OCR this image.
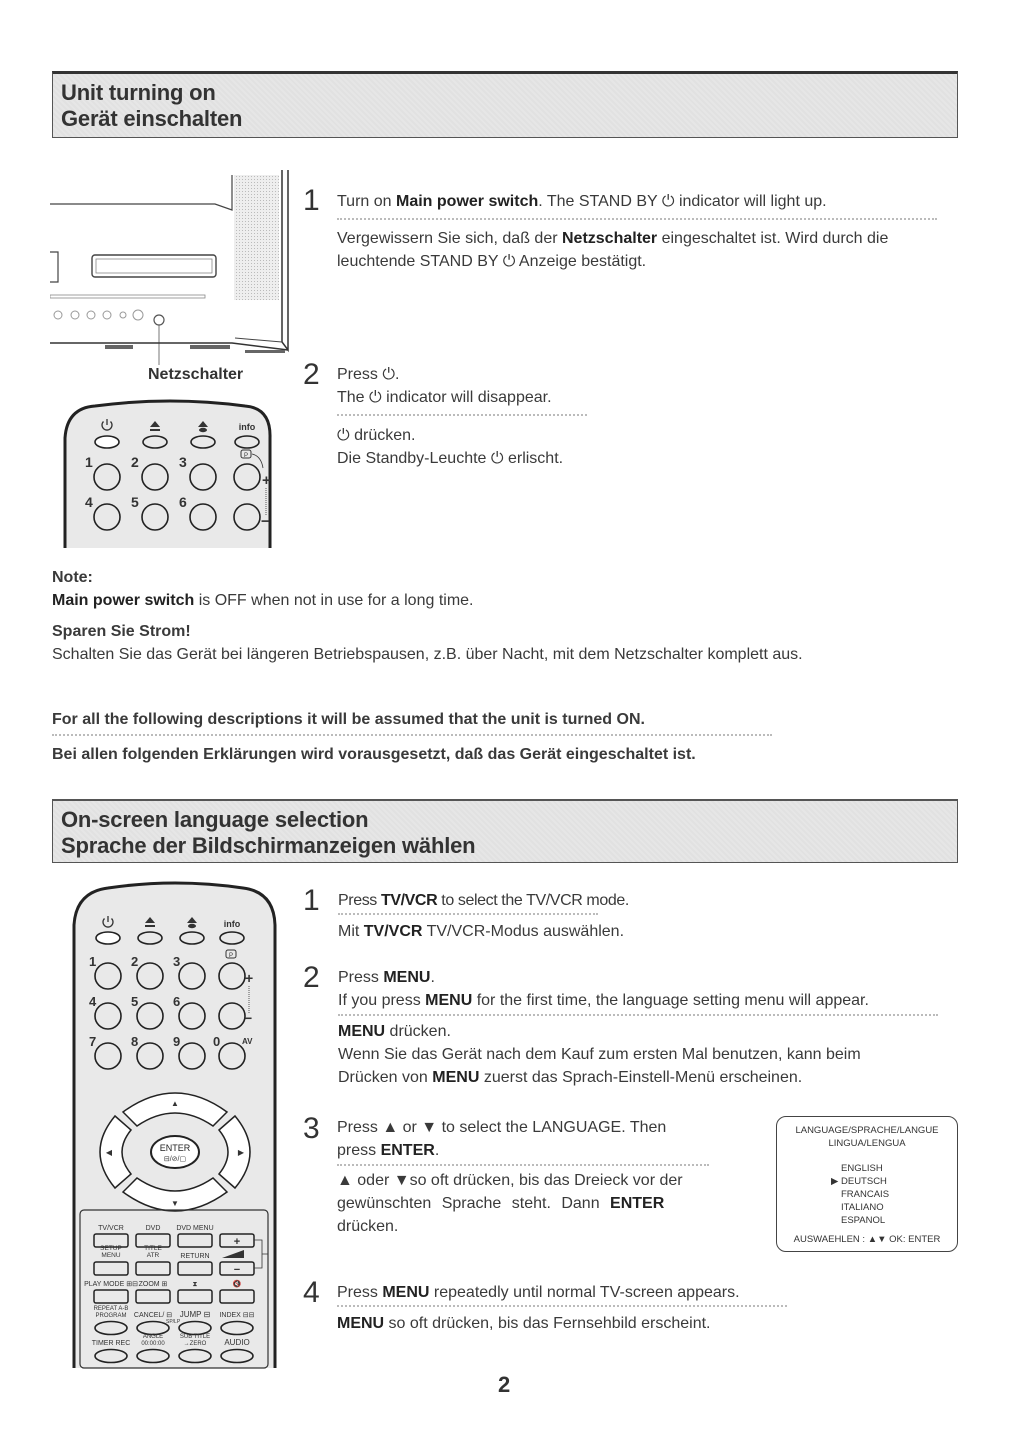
Unit turning on
Gerät einschalten
Netzschalter
info
1	2	3
4	5	6
P
+
−
1 Turn on Main power switch. The STAND BY ⏻ indicator will light up.
Vergewissern Sie sich, daß der Netzschalter eingeschaltet ist. Wird durch die
leuchtende STAND BY ⏻ Anzeige bestätigt.
2 Press ⏻.
The ⏻ indicator will disappear.
⏻ drücken.
Die Standby-Leuchte ⏻ erlischt.
Note:
Main power switch is OFF when not in use for a long time.
Sparen Sie Strom!
Schalten Sie das Gerät bei längeren Betriebspausen, z.B. über Nacht, mit dem Netzschalter komplett aus.
For all the following descriptions it will be assumed that the unit is turned ON.
Bei allen folgenden Erklärungen wird vorausgesetzt, daß das Gerät eingeschaltet ist.
On-screen language selection
Sprache der Bildschirmanzeigen wählen
info
1	2	3
4	5	6
7	8	9	0	AV
P
+
−
▲
▼
◀	▶
ENTER
⊟/⊘/▢
TV/VCR	DVD DVD MENU
SETUP
MENU
TITLE
ATR	RETURN
PLAY MODE ⊞⊟ ZOOM ⊞	⧗	🔇
+
−
REPEAT A-B
PROGRAM CANCEL/ ⊟ JUMP ⊟ INDEX ⊟⊟
TIMER REC
ANGLE
00:00:00
SUB TITLE
→ZERO AUDIO
SP/LP
1 Press TV/VCR to select the TV/VCR mode.
Mit TV/VCR TV/VCR-Modus auswählen.
2 Press MENU.
If you press MENU for the first time, the language setting menu will appear.
MENU drücken.
Wenn Sie das Gerät nach dem Kauf zum ersten Mal benutzen, kann beim
Drücken von MENU zuerst das Sprach-Einstell-Menü erscheinen.
3 Press ▲ or ▼ to select the LANGUAGE. Then
press ENTER.
▲ oder ▼so oft drücken, bis das Dreieck vor der
gewünschten Sprache steht. Dann ENTER
drücken.
LANGUAGE/SPRACHE/LANGUE
LINGUA/LENGUA
ENGLISH
▶ DEUTSCH
FRANCAIS
ITALIANO
ESPANOL
AUSWAEHLEN : ▲▼ OK: ENTER
4 Press MENU repeatedly until normal TV-screen appears.
MENU so oft drücken, bis das Fernsehbild erscheint.
2
